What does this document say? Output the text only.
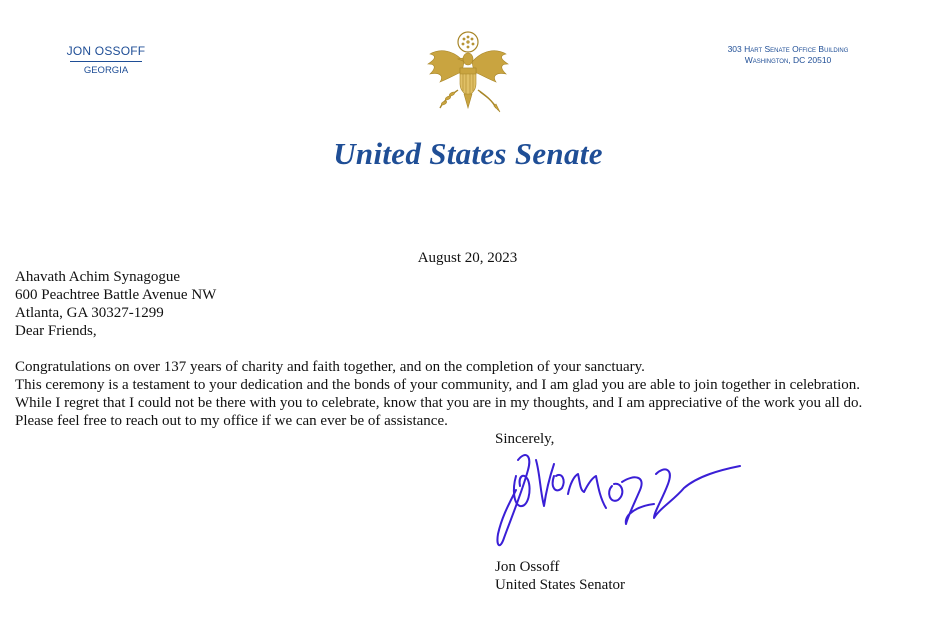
JON OSSOFF
GEORGIA
303 Hart Senate Office Building
Washington, DC 20510
United States Senate
August 20, 2023
Ahavath Achim Synagogue
600 Peachtree Battle Avenue NW
Atlanta, GA 30327-1299
Dear Friends,
Congratulations on over 137 years of charity and faith together, and on the completion of your sanctuary.
This ceremony is a testament to your dedication and the bonds of your community, and I am glad you are able to join together in celebration.
While I regret that I could not be there with you to celebrate, know that you are in my thoughts, and I am appreciative of the work you all do.
Please feel free to reach out to my office if we can ever be of assistance.
Sincerely,
Jon Ossoff
United States Senator
